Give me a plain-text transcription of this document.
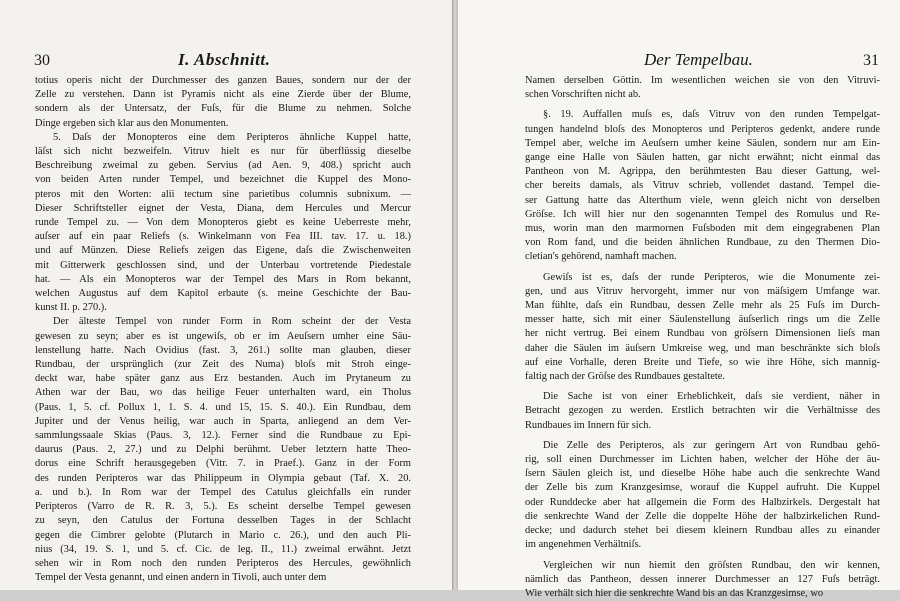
30	I. Abschnitt.
totius operis nicht der Durchmesser des ganzen Baues, sondern nur der der
Zelle zu verstehen. Dann ist Pyramis nicht als eine Zierde über der Blume,
sondern als der Untersatz, der Fuſs, für die Blume zu nehmen. Solche
Dinge ergeben sich klar aus den Monumenten.
5. Daſs der Monopteros eine dem Peripteros ähnliche Kuppel hatte,
läſst sich nicht bezweifeln. Vitruv hielt es nur für überflüssig dieselbe
Beschreibung zweimal zu geben. Servius (ad Aen. 9, 408.) spricht auch
von beiden Arten runder Tempel, und bezeichnet die Kuppel des Mono-
pteros mit den Worten: alii tectum sine parietibus columnis subnixum. —
Dieser Schriftsteller eignet der Vesta, Diana, dem Hercules und Mercur
runde Tempel zu. — Von dem Monopteros giebt es keine Ueberreste mehr,
auſser auf ein paar Reliefs (s. Winkelmann von Fea III. tav. 17. u. 18.)
und auf Münzen. Diese Reliefs zeigen das Eigene, daſs die Zwischenweiten
mit Gitterwerk geschlossen sind, und der Unterbau vortretende Piedestale
hat. — Als ein Monopteros war der Tempel des Mars in Rom bekannt,
welchen Augustus auf dem Kapitol erbaute (s. meine Geschichte der Bau-
kunst II. p. 270.).
Der älteste Tempel von runder Form in Rom scheint der der Vesta
gewesen zu seyn; aber es ist ungewiſs, ob er im Aeuſsern umher eine Säu-
lenstellung hatte. Nach Ovidius (fast. 3, 261.) sollte man glauben, dieser
Rundbau, der ursprünglich (zur Zeit des Numa) bloſs mit Stroh einge-
deckt war, habe später ganz aus Erz bestanden. Auch im Prytaneum zu
Athen war der Bau, wo das heilige Feuer unterhalten ward, ein Tholus
(Paus. 1, 5. cf. Pollux 1, 1. S. 4. und 15, 15. S. 40.). Ein Rundbau, dem
Jupiter und der Venus heilig, war auch in Sparta, anliegend an dem Ver-
sammlungssaale Skias (Paus. 3, 12.). Ferner sind die Rundbaue zu Epi-
daurus (Paus. 2, 27.) und zu Delphi berühmt. Ueber letztern hatte Theo-
dorus eine Schrift herausgegeben (Vitr. 7. in Praef.). Ganz in der Form
des runden Peripteros war das Philippeum in Olympia gebaut (Taf. X. 20.
a. und b.). In Rom war der Tempel des Catulus gleichfalls ein runder
Peripteros (Varro de R. R. 3, 5.). Es scheint derselbe Tempel gewesen
zu seyn, den Catulus der Fortuna desselben Tages in der Schlacht
gegen die Cimbrer gelobte (Plutarch in Mario c. 26.), und den auch Pli-
nius (34, 19. S. 1, und 5. cf. Cic. de leg. II., 11.) zweimal erwähnt. Jetzt
sehen wir in Rom noch den runden Peripteros des Hercules, gewöhnlich
Tempel der Vesta genannt, und einen andern in Tivoli, auch unter dem
Der Tempelbau.	31
Namen derselben Göttin. Im wesentlichen weichen sie von den Vitruvi-
schen Vorschriften nicht ab.
§. 19. Auffallen muſs es, daſs Vitruv von den runden Tempelgat-
tungen handelnd bloſs des Monopteros und Peripteros gedenkt, andere runde
Tempel aber, welche im Aeuſsern umher keine Säulen, sondern nur am Ein-
gange eine Halle von Säulen hatten, gar nicht erwähnt; nicht einmal das
Pantheon von M. Agrippa, den berühmtesten Bau dieser Gattung, wel-
cher bereits damals, als Vitruv schrieb, vollendet dastand. Tempel die-
ser Gattung hatte das Alterthum viele, wenn gleich nicht von derselben
Gröſse. Ich will hier nur den sogenannten Tempel des Romulus und Re-
mus, worin man den marmornen Fuſsboden mit dem eingegrabenen Plan
von Rom fand, und die beiden ähnlichen Rundbaue, zu den Thermen Dio-
cletian's gehörend, namhaft machen.
Gewiſs ist es, daſs der runde Peripteros, wie die Monumente zei-
gen, und aus Vitruv hervorgeht, immer nur von mäſsigem Umfange war.
Man fühlte, daſs ein Rundbau, dessen Zelle mehr als 25 Fuſs im Durch-
messer hatte, sich mit einer Säulenstellung äuſserlich rings um die Zelle
her nicht vertrug. Bei einem Rundbau von gröſsern Dimensionen lieſs man
daher die Säulen im äuſsern Umkreise weg, und man beschränkte sich bloſs
auf eine Vorhalle, deren Breite und Tiefe, so wie ihre Höhe, sich mannig-
faltig nach der Gröſse des Rundbaues gestaltete.
Die Sache ist von einer Erheblichkeit, daſs sie verdient, näher in
Betracht gezogen zu werden. Erstlich betrachten wir die Verhältnisse des
Rundbaues im Innern für sich.
Die Zelle des Peripteros, als zur geringern Art von Rundbau gehö-
rig, soll einen Durchmesser im Lichten haben, welcher der Höhe der äu-
ſsern Säulen gleich ist, und dieselbe Höhe habe auch die senkrechte Wand
der Zelle bis zum Kranzgesimse, worauf die Kuppel aufruht. Die Kuppel
oder Runddecke aber hat allgemein die Form des Halbzirkels. Dergestalt hat
die senkrechte Wand der Zelle die doppelte Höhe der halbzirkelichen Rund-
decke; und dadurch stehet bei diesem kleinern Rundbau alles zu einander
im angenehmen Verhältniſs.
Vergleichen wir nun hiemit den gröſsten Rundbau, den wir kennen,
nämlich das Pantheon, dessen innerer Durchmesser an 127 Fuſs beträgt.
Wie verhält sich hier die senkrechte Wand bis an das Kranzgesimse, wo
